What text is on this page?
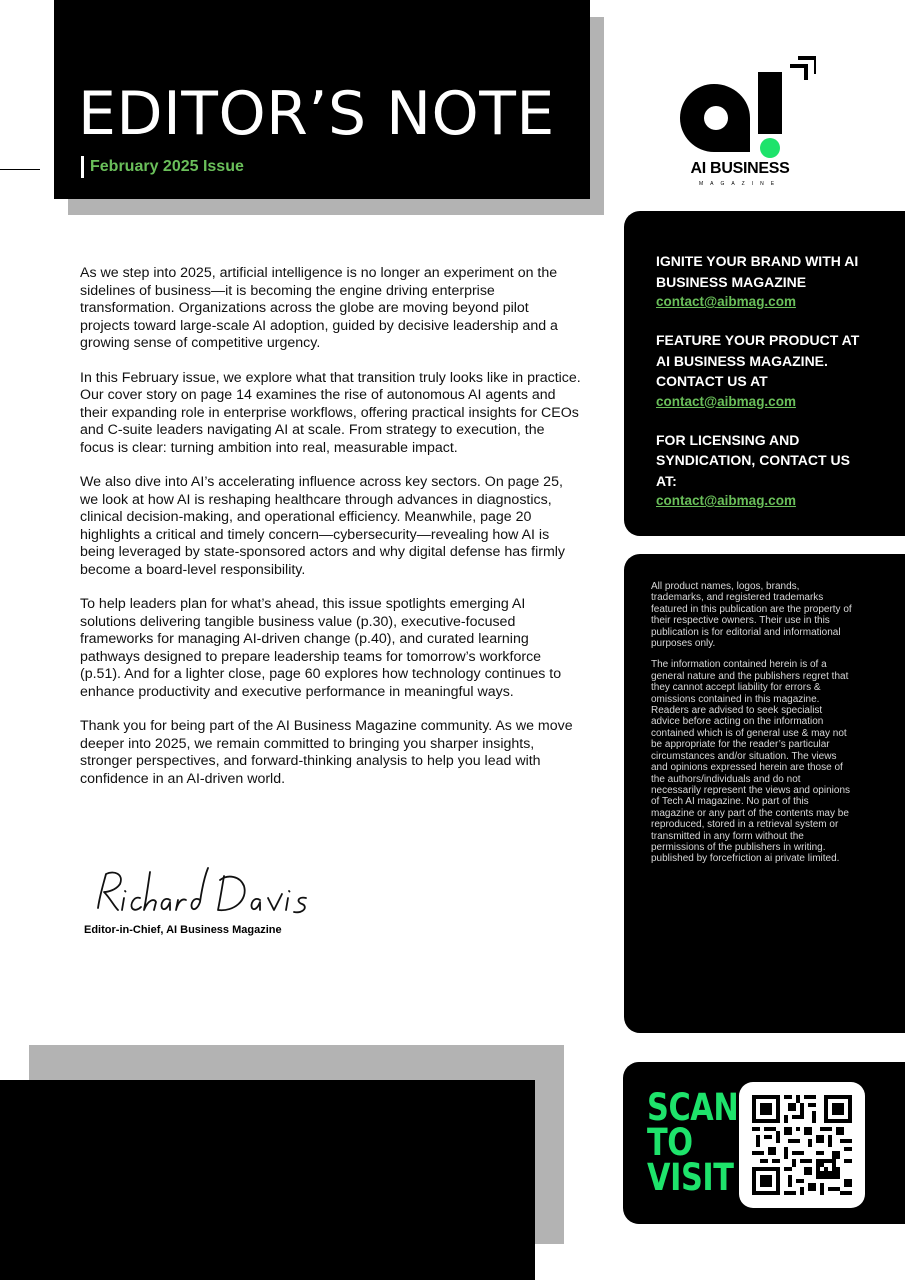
EDITOR’S NOTE
February 2025 Issue	AI BUSINESS
MAGAZINE

As we step into 2025, artificial intelligence is no longer an experiment on the sidelines of business—it is becoming the engine driving enterprise transformation. Organizations across the globe are moving beyond pilot projects toward large-scale AI adoption, guided by decisive leadership and a growing sense of competitive urgency.

In this February issue, we explore what that transition truly looks like in practice. Our cover story on page 14 examines the rise of autonomous AI agents and their expanding role in enterprise workflows, offering practical insights for CEOs and C-suite leaders navigating AI at scale. From strategy to execution, the focus is clear: turning ambition into real, measurable impact.

We also dive into AI’s accelerating influence across key sectors. On page 25, we look at how AI is reshaping healthcare through advances in diagnostics, clinical decision-making, and operational efficiency. Meanwhile, page 20 highlights a critical and timely concern—cybersecurity—revealing how AI is being leveraged by state-sponsored actors and why digital defense has firmly become a board-level responsibility.

To help leaders plan for what’s ahead, this issue spotlights emerging AI solutions delivering tangible business value (p.30), executive-focused frameworks for managing AI-driven change (p.40), and curated learning pathways designed to prepare leadership teams for tomorrow’s workforce (p.51). And for a lighter close, page 60 explores how technology continues to enhance productivity and executive performance in meaningful ways.

Thank you for being part of the AI Business Magazine community. As we move deeper into 2025, we remain committed to bringing you sharper insights, stronger perspectives, and forward-thinking analysis to help you lead with confidence in an AI-driven world.

Editor-in-Chief, AI Business Magazine

IGNITE YOUR BRAND WITH AI BUSINESS MAGAZINE

contact@aibmag.com

FEATURE YOUR PRODUCT AT AI BUSINESS MAGAZINE. CONTACT US AT

contact@aibmag.com

FOR LICENSING AND SYNDICATION, CONTACT US AT:

contact@aibmag.com

All product names, logos, brands, trademarks, and registered trademarks featured in this publication are the property of their respective owners. Their use in this publication is for editorial and informational purposes only.

The information contained herein is of a general nature and the publishers regret that they cannot accept liability for errors & omissions contained in this magazine. Readers are advised to seek specialist advice before acting on the information contained which is of general use & may not be appropriate for the reader’s particular circumstances and/or situation. The views and opinions expressed herein are those of the authors/individuals and do not necessarily represent the views and opinions of Tech AI magazine. No part of this magazine or any part of the contents may be reproduced, stored in a retrieval system or transmitted in any form without the permissions of the publishers in writing. published by forcefriction ai private limited.

SCAN
TO
VISIT
